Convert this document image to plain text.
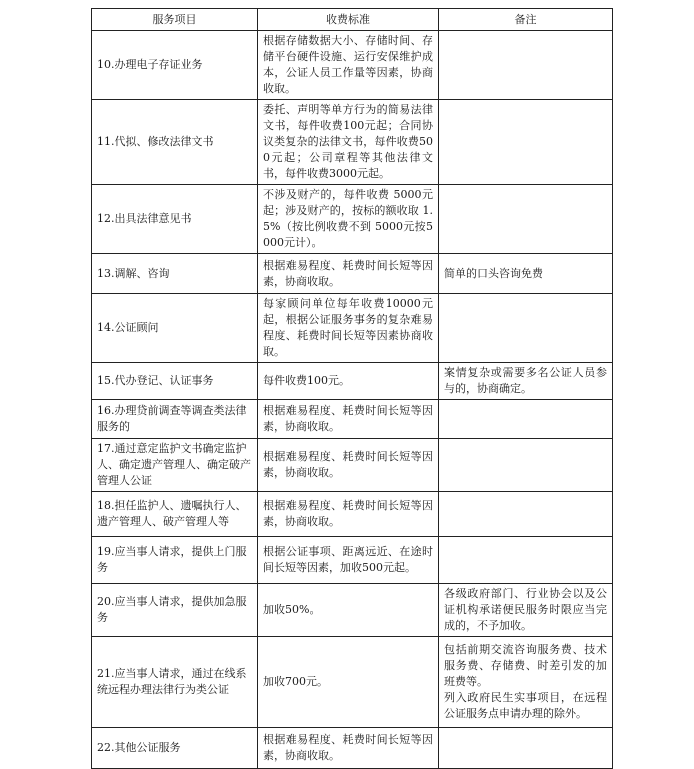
服务项目	收费标准	备注
10.办理电子存证业务	根据存储数据大小、存储时间、存储平台硬件设施、运行安保维护成本，公证人员工作量等因素，协商收取。	
11.代拟、修改法律文书	委托、声明等单方行为的简易法律文书，每件收费100元起；合同协议类复杂的法律文书，每件收费500元起；公司章程等其他法律文书，每件收费3000元起。	
12.出具法律意见书	不涉及财产的，每件收费 5000元起；涉及财产的，按标的额收取 1.5%（按比例收费不到 5000元按5000元计）。	
13.调解、咨询	根据难易程度、耗费时间长短等因素，协商收取。	简单的口头咨询免费
14.公证顾问	每家顾问单位每年收费10000元起，根据公证服务事务的复杂难易程度、耗费时间长短等因素协商收取。	
15.代办登记、认证事务	每件收费100元。	案情复杂或需要多名公证人员参与的，协商确定。
16.办理贷前调查等调查类法律服务的	根据难易程度、耗费时间长短等因素，协商收取。	
17.通过意定监护文书确定监护人、确定遗产管理人、确定破产管理人公证	根据难易程度、耗费时间长短等因素，协商收取。	
18.担任监护人、遗嘱执行人、遗产管理人、破产管理人等	根据难易程度、耗费时间长短等因素，协商收取。	
19.应当事人请求，提供上门服务	根据公证事项、距离远近、在途时间长短等因素，加收500元起。	
20.应当事人请求，提供加急服务	加收50%。	各级政府部门、行业协会以及公证机构承诺便民服务时限应当完成的，不予加收。
21.应当事人请求，通过在线系统远程办理法律行为类公证	加收700元。	包括前期交流咨询服务费、技术服务费、存储费、时差引发的加班费等。
列入政府民生实事项目，在远程公证服务点申请办理的除外。
22.其他公证服务	根据难易程度、耗费时间长短等因素，协商收取。	
